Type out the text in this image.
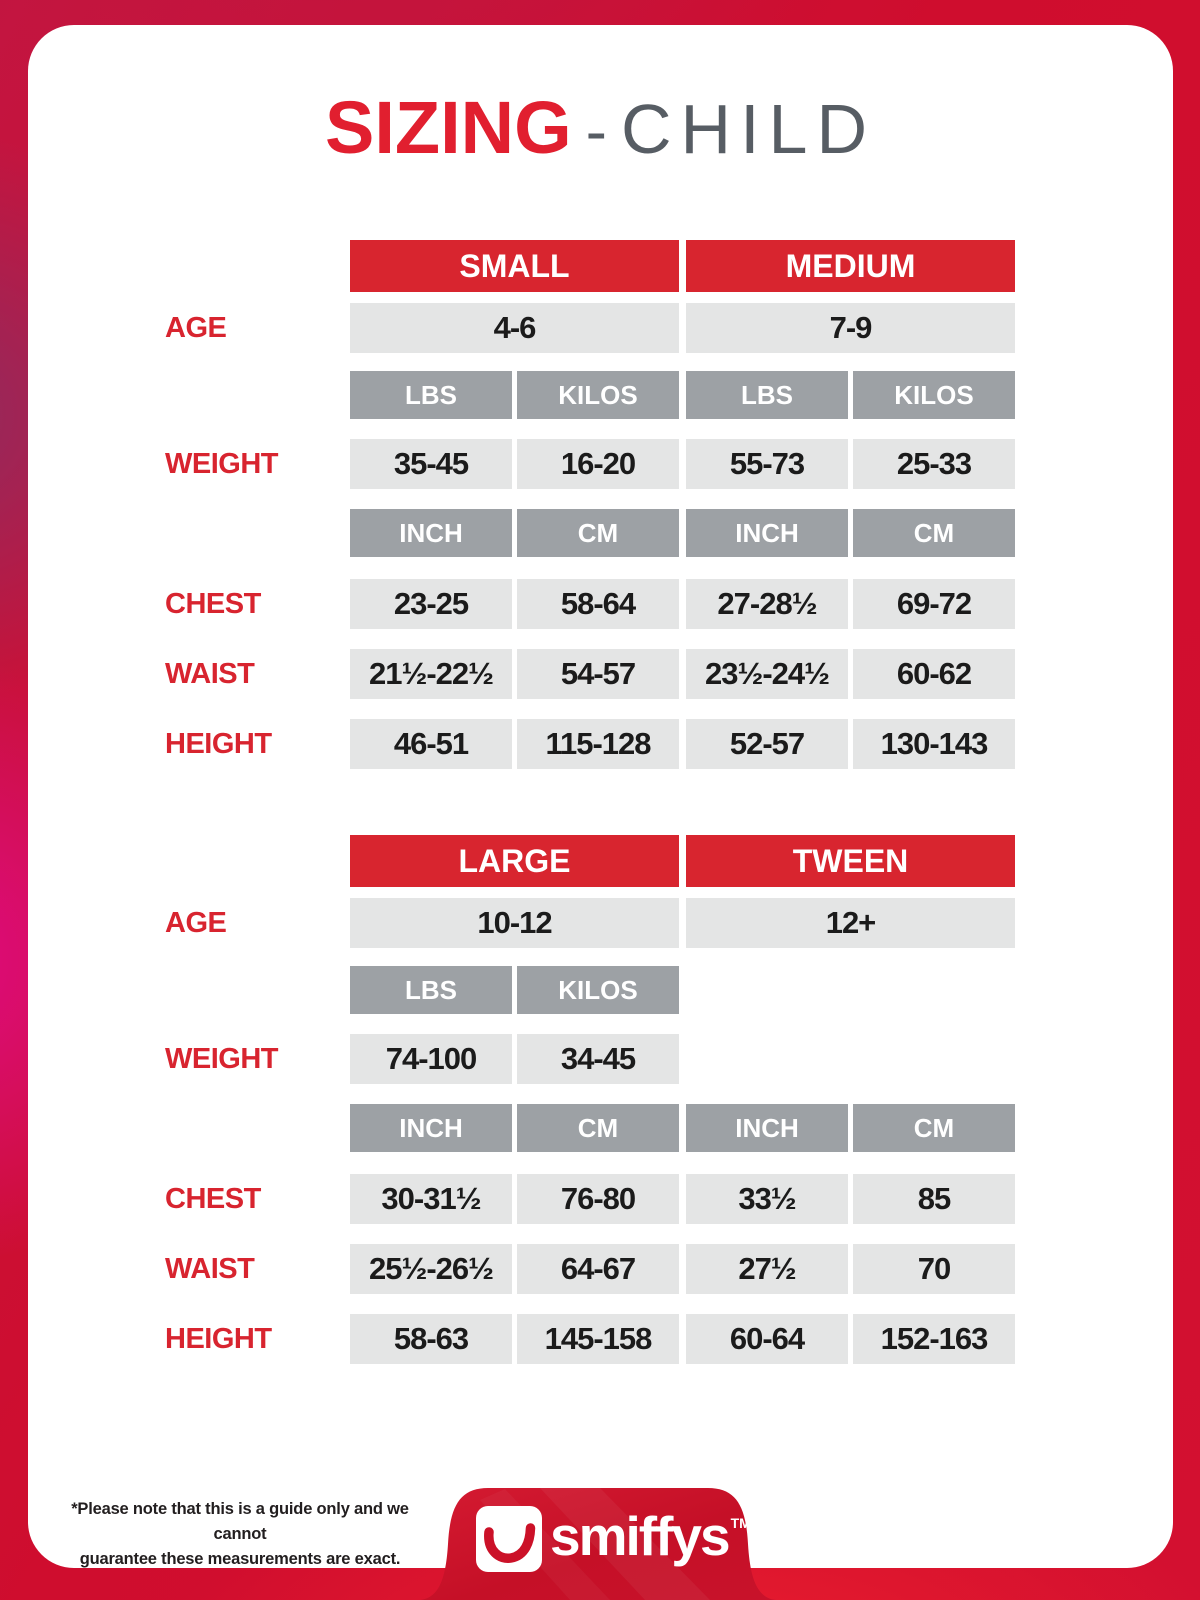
SIZING - CHILD
SMALL	MEDIUM
AGE	4-6	7-9
LBS	KILOS	LBS	KILOS
WEIGHT	35-45	16-20	55-73	25-33
INCH	CM	INCH	CM
CHEST	23-25	58-64	27-28½	69-72
WAIST	21½-22½	54-57	23½-24½	60-62
HEIGHT	46-51	115-128	52-57	130-143
LARGE	TWEEN
AGE	10-12	12+
LBS	KILOS
WEIGHT	74-100	34-45
INCH	CM	INCH	CM
CHEST	30-31½	76-80	33½	85
WAIST	25½-26½	64-67	27½	70
HEIGHT	58-63	145-158	60-64	152-163
*Please note that this is a guide only and we cannot
guarantee these measurements are exact.	smiffys ™
